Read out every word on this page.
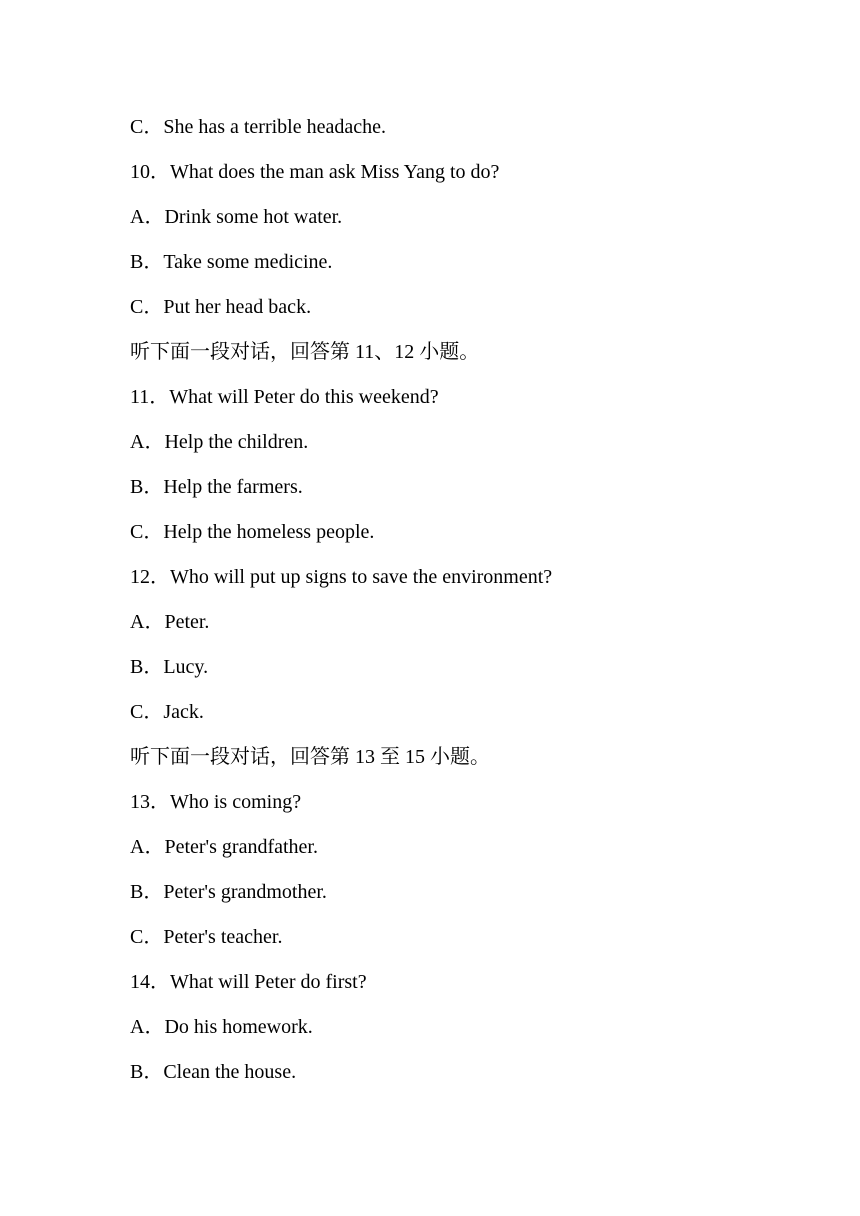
C．She has a terrible headache.
10．What does the man ask Miss Yang to do?
A．Drink some hot water.
B．Take some medicine.
C．Put her head back.
听下面一段对话，回答第 11、12 小题。
11．What will Peter do this weekend?
A．Help the children.
B．Help the farmers.
C．Help the homeless people.
12．Who will put up signs to save the environment?
A．Peter.
B．Lucy.
C．Jack.
听下面一段对话，回答第 13 至 15 小题。
13．Who is coming?
A．Peter's grandfather.
B．Peter's grandmother.
C．Peter's teacher.
14．What will Peter do first?
A．Do his homework.
B．Clean the house.
